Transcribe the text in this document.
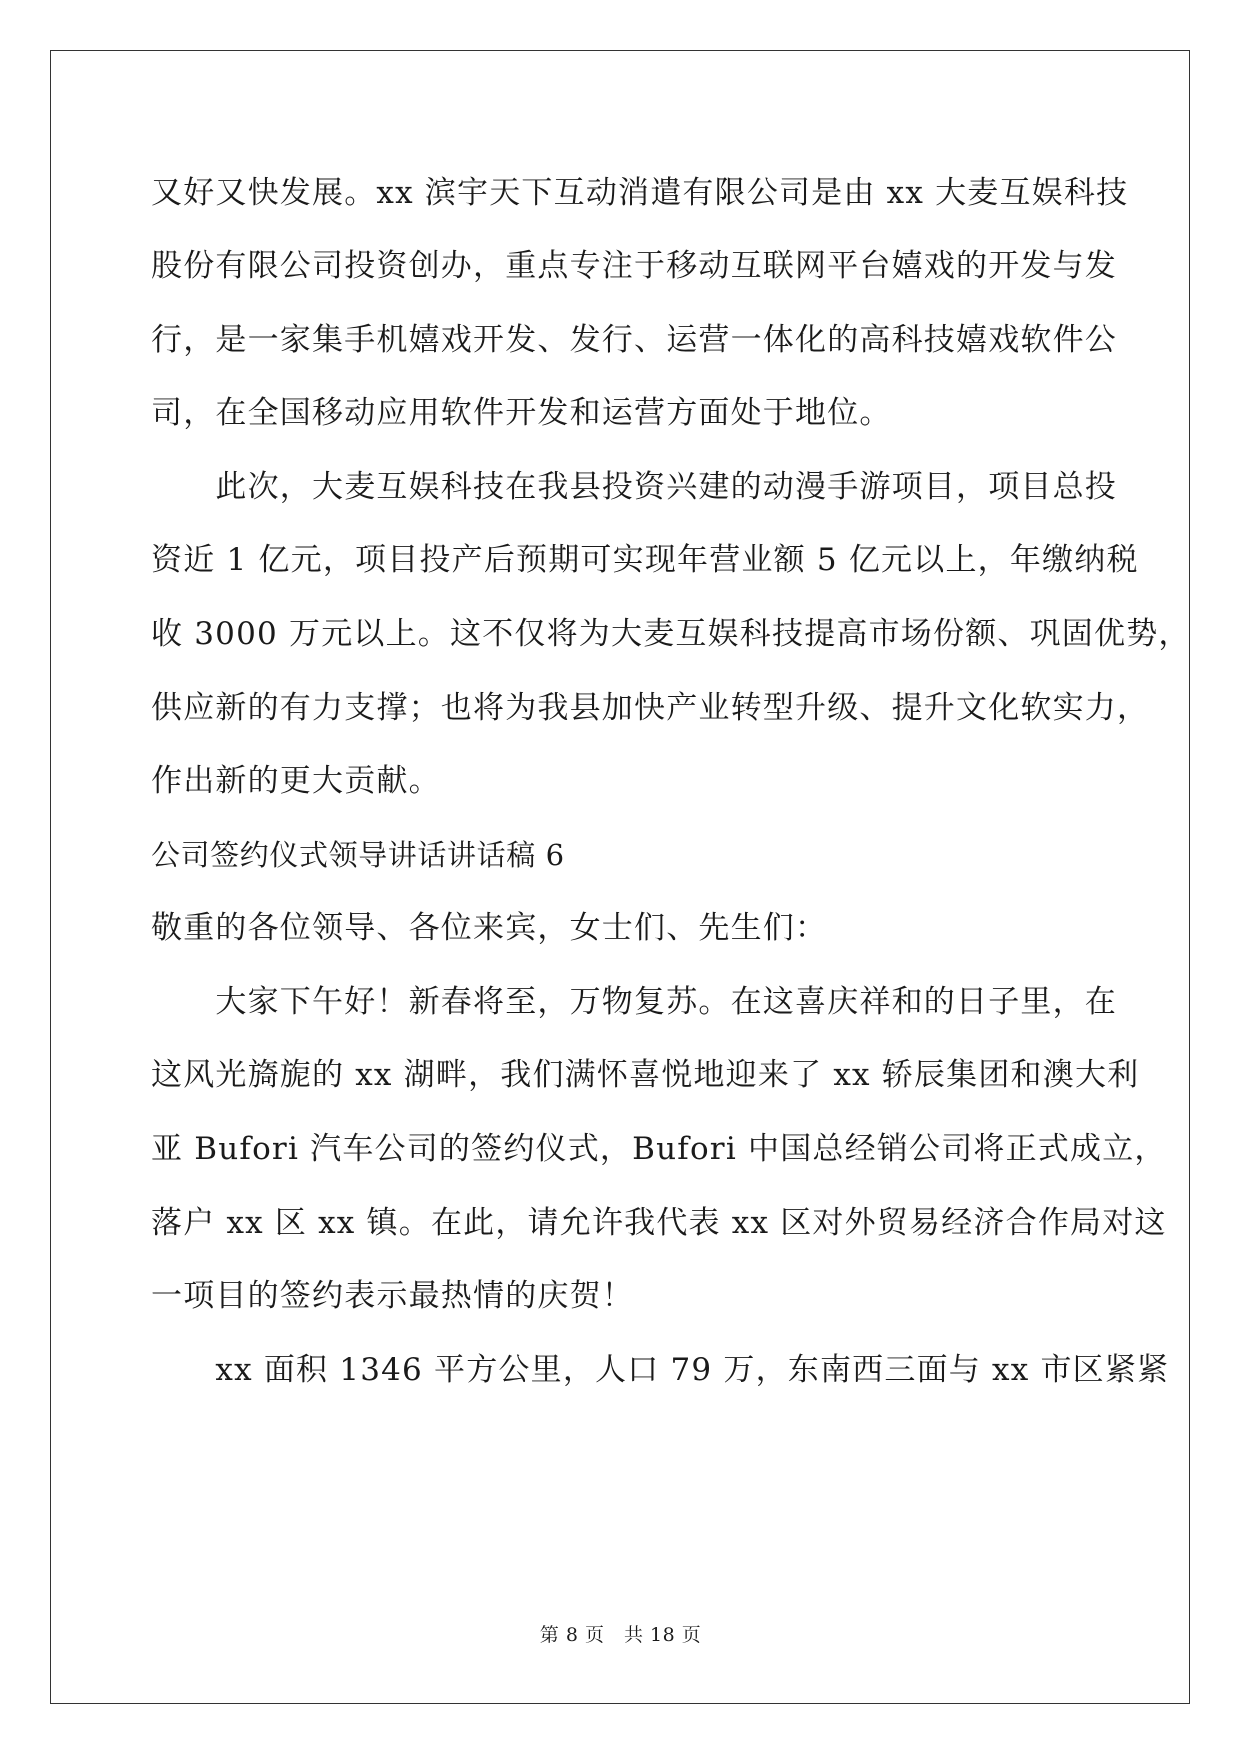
又好又快发展。xx 滨宇天下互动消遣有限公司是由 xx 大麦互娱科技
股份有限公司投资创办，重点专注于移动互联网平台嬉戏的开发与发
行，是一家集手机嬉戏开发、发行、运营一体化的高科技嬉戏软件公
司，在全国移动应用软件开发和运营方面处于地位。
　　此次，大麦互娱科技在我县投资兴建的动漫手游项目，项目总投
资近 1 亿元，项目投产后预期可实现年营业额 5 亿元以上，年缴纳税
收 3000 万元以上。这不仅将为大麦互娱科技提高市场份额、巩固优势，
供应新的有力支撑；也将为我县加快产业转型升级、提升文化软实力，
作出新的更大贡献。
公司签约仪式领导讲话讲话稿 6
敬重的各位领导、各位来宾，女士们、先生们：
　　大家下午好！新春将至，万物复苏。在这喜庆祥和的日子里，在
这风光旖旎的 xx 湖畔，我们满怀喜悦地迎来了 xx 轿辰集团和澳大利
亚 Bufori 汽车公司的签约仪式，Bufori 中国总经销公司将正式成立，
落户 xx 区 xx 镇。在此，请允许我代表 xx 区对外贸易经济合作局对这
一项目的签约表示最热情的庆贺！
　　xx 面积 1346 平方公里，人口 79 万，东南西三面与 xx 市区紧紧
第 8 页　共 18 页
